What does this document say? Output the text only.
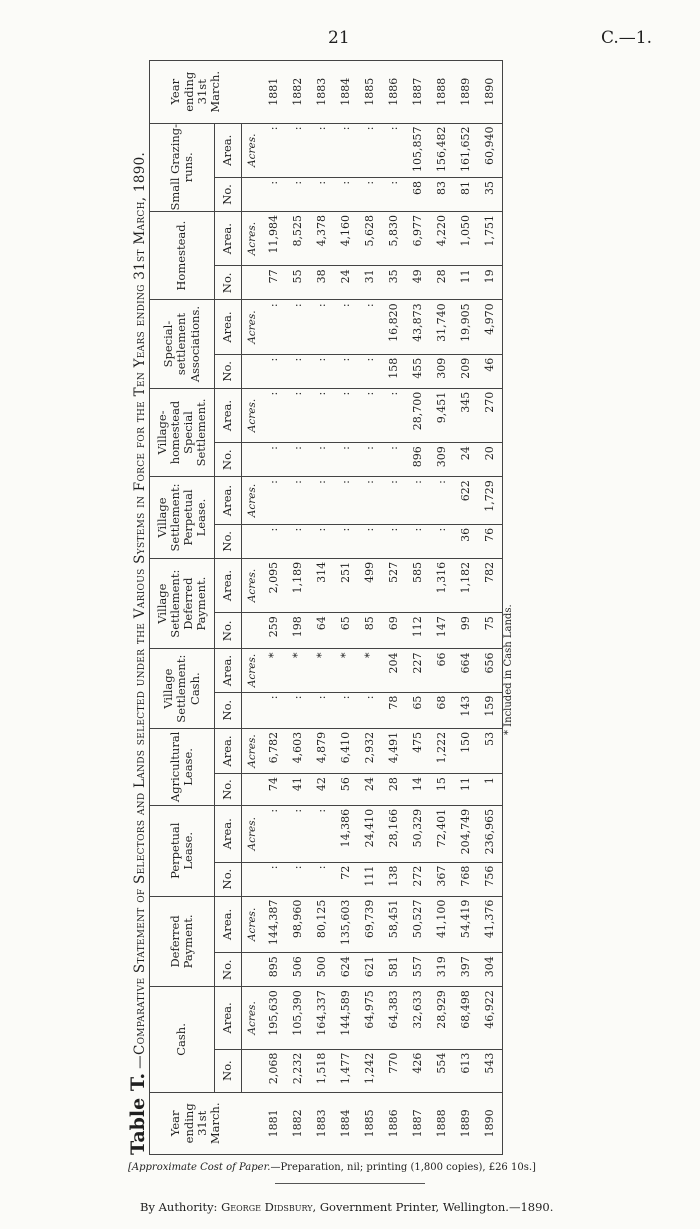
21	C.—1.
Table T.—Comparative Statement of Selectors and Lands selected under the Various Systems in Force for the Ten Years ending 31st March, 1890.
Year ending 31st March.	Cash.		Deferred Payment.		Perpetual Lease.		Agricultural Lease.		Village Settlement: Cash.		Village Settlement: Deferred Payment.		Village Settlement: Perpetual Lease.		Village-homestead Special Settlement.		Special-settlement Associations.		Homestead.		Small Grazing-runs.		Year ending 31st March.
	No.	Area.	No.	Area.	No.	Area.	No.	Area.	No.	Area.	No.	Area.	No.	Area.	No.	Area.	No.	Area.	No.	Area.	No.	Area.	
		Acres.		Acres.		Acres.		Acres.		Acres.		Acres.		Acres.		Acres.		Acres.		Acres.		Acres.	
1881	2,068	195,630	895	144,387	:	:	74	6,782	:	*	259	2,095	:	:	:	:	:	:	77	11,984	:	:	1881
1882	2,232	105,390	506	98,960	:	:	41	4,603	:	*	198	1,189	:	:	:	:	:	:	55	8,525	:	:	1882
1883	1,518	164,337	500	80,125	:	:	42	4,879	:	*	64	314	:	:	:	:	:	:	38	4,378	:	:	1883
1884	1,477	144,589	624	135,603	72	14,386	56	6,410	:	*	65	251	:	:	:	:	:	:	24	4,160	:	:	1884
1885	1,242	64,975	621	69,739	111	24,410	24	2,932	:	*	85	499	:	:	:	:	:	:	31	5,628	:	:	1885
1886	770	64,383	581	58,451	138	28,166	28	4,491	78	204	69	527	:	:	:	:	158	16,820	35	5,830	:	:	1886
1887	426	32,633	557	50,527	272	50,329	14	475	65	227	112	585	:	:	896	28,700	455	43,873	49	6,977	68	105,857	1887
1888	554	28,929	319	41,100	367	72,401	15	1,222	68	66	147	1,316	:	:	309	9,451	309	31,740	28	4,220	83	156,482	1888
1889	613	68,498	397	54,419	768	204,749	11	150	143	664	99	1,182	36	622	24	345	209	19,905	11	1,050	81	161,652	1889
1890	543	46,922	304	41,376	756	236,965	1	53	159	656	75	782	76	1,729	20	270	46	4,970	19	1,751	35	60,940	1890
* Included in Cash Lands.
[Approximate Cost of Paper.—Preparation, nil; printing (1,800 copies), £26 10s.]
By Authority: George Didsbury, Government Printer, Wellington.—1890.
